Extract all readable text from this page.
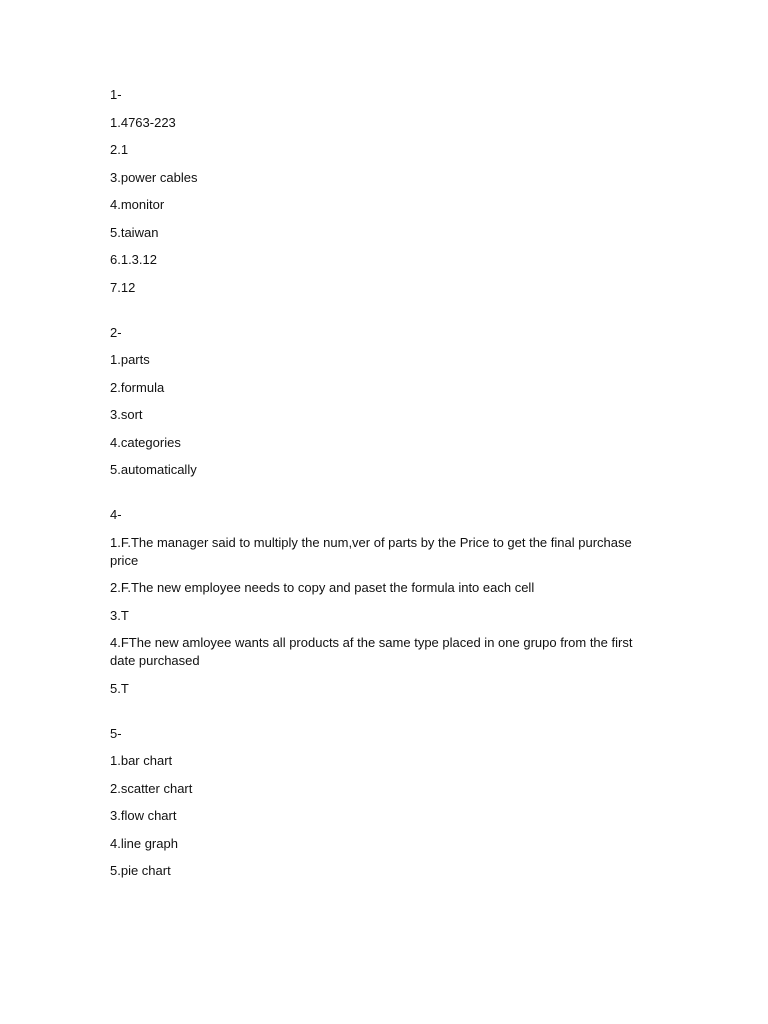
1-

1.4763-223

2.1

3.power cables

4.monitor

5.taiwan

6.1.3.12

7.12

2-

1.parts

2.formula

3.sort

4.categories

5.automatically

4-

1.F.The manager said to multiply the num,ver of parts by the Price to get the final purchase price

2.F.The new employee needs to copy and paset the formula into each cell

3.T

4.FThe new amloyee wants all products af the same type placed in one grupo from the first date purchased

5.T

5-

1.bar chart

2.scatter chart

3.flow chart

4.line graph

5.pie chart
